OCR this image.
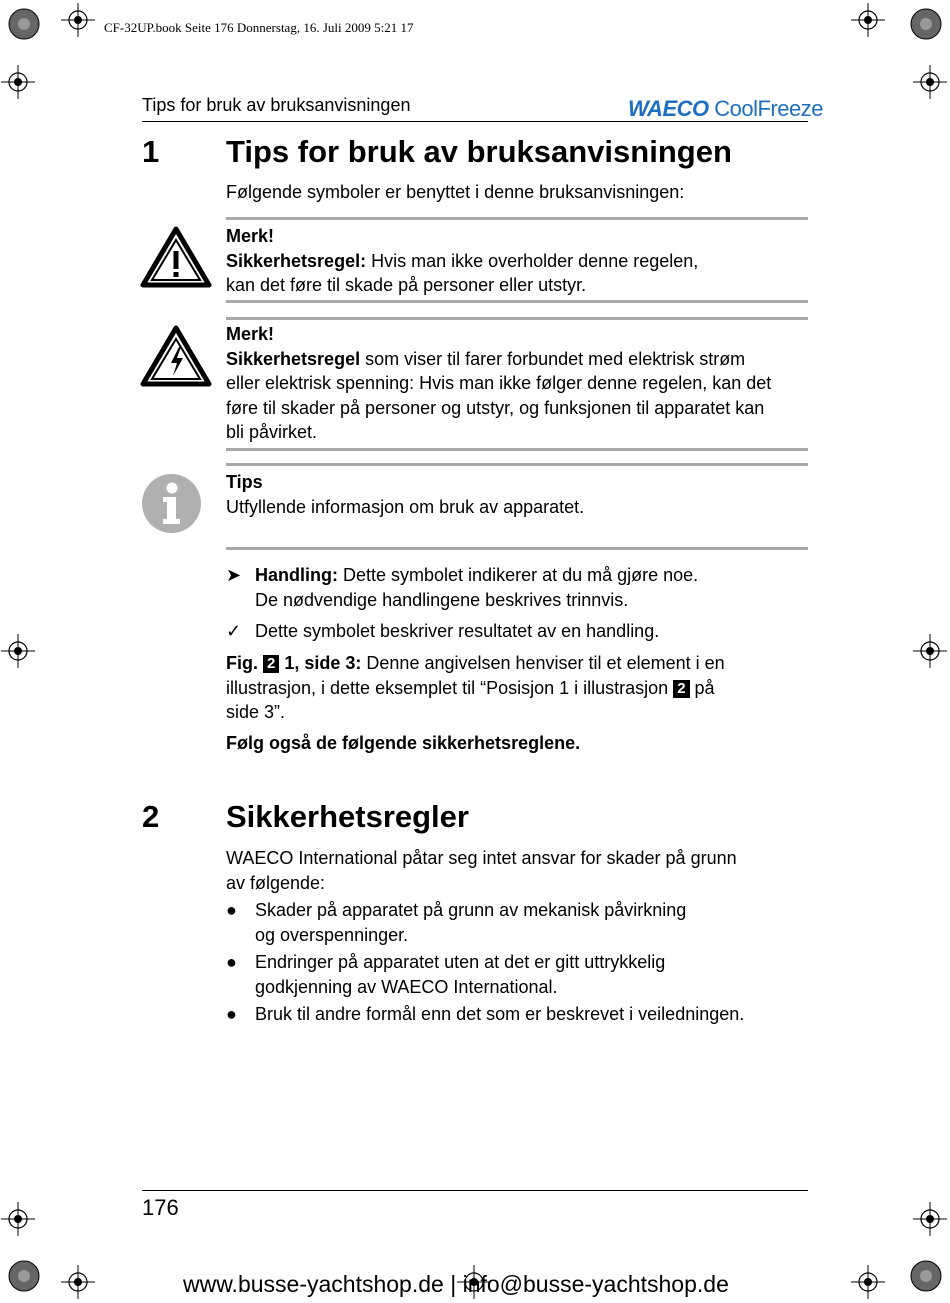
CF-32UP.book Seite 176 Donnerstag, 16. Juli 2009 5:21 17
Tips for bruk av bruksanvisningen	WAECO CoolFreeze
1 Tips for bruk av bruksanvisningen
Følgende symboler er benyttet i denne bruksanvisningen:
Merk!
Sikkerhetsregel: Hvis man ikke overholder denne regelen,
kan det føre til skade på personer eller utstyr.
Merk!
Sikkerhetsregel som viser til farer forbundet med elektrisk strøm
eller elektrisk spenning: Hvis man ikke følger denne regelen, kan det
føre til skader på personer og utstyr, og funksjonen til apparatet kan
bli påvirket.
Tips
Utfyllende informasjon om bruk av apparatet.
➤ Handling: Dette symbolet indikerer at du må gjøre noe.
De nødvendige handlingene beskrives trinnvis.
✓ Dette symbolet beskriver resultatet av en handling.
Fig. 2 1, side 3: Denne angivelsen henviser til et element i en
illustrasjon, i dette eksemplet til “Posisjon 1 i illustrasjon 2 på
side 3”.
Følg også de følgende sikkerhetsreglene.
2 Sikkerhetsregler
WAECO International påtar seg intet ansvar for skader på grunn
av følgende:
● Skader på apparatet på grunn av mekanisk påvirkning
og overspenninger.
● Endringer på apparatet uten at det er gitt uttrykkelig
godkjenning av WAECO International.
● Bruk til andre formål enn det som er beskrevet i veiledningen.
176
www.busse-yachtshop.de | info@busse-yachtshop.de
